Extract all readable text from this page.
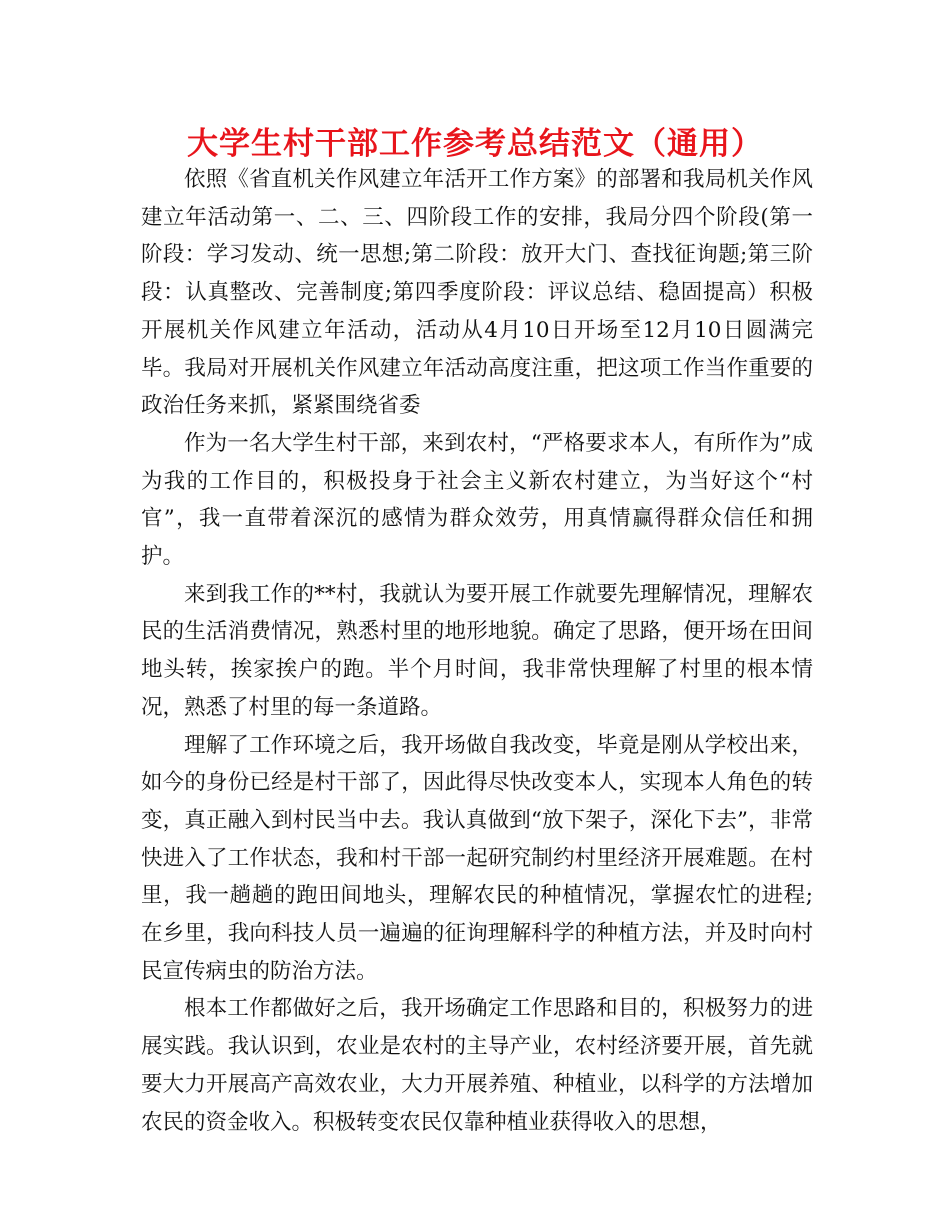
大学生村干部工作参考总结范文（通用）

依照《省直机关作风建立年活开工作方案》的部署和我局机关作风建立年活动第一、二、三、四阶段工作的安排，我局分四个阶段(第一阶段：学习发动、统一思想;第二阶段：放开大门、查找征询题;第三阶段：认真整改、完善制度;第四季度阶段：评议总结、稳固提高）积极开展机关作风建立年活动，活动从4月10日开场至12月10日圆满完毕。我局对开展机关作风建立年活动高度注重，把这项工作当作重要的政治任务来抓，紧紧围绕省委

作为一名大学生村干部，来到农村，“严格要求本人，有所作为”成为我的工作目的，积极投身于社会主义新农村建立，为当好这个“村官”，我一直带着深沉的感情为群众效劳，用真情赢得群众信任和拥护。

来到我工作的**村，我就认为要开展工作就要先理解情况，理解农民的生活消费情况，熟悉村里的地形地貌。确定了思路，便开场在田间地头转，挨家挨户的跑。半个月时间，我非常快理解了村里的根本情况，熟悉了村里的每一条道路。

理解了工作环境之后，我开场做自我改变，毕竟是刚从学校出来，如今的身份已经是村干部了，因此得尽快改变本人，实现本人角色的转变，真正融入到村民当中去。我认真做到“放下架子，深化下去”，非常快进入了工作状态，我和村干部一起研究制约村里经济开展难题。在村里，我一趟趟的跑田间地头，理解农民的种植情况，掌握农忙的进程;在乡里，我向科技人员一遍遍的征询理解科学的种植方法，并及时向村民宣传病虫的防治方法。

根本工作都做好之后，我开场确定工作思路和目的，积极努力的进展实践。我认识到，农业是农村的主导产业，农村经济要开展，首先就要大力开展高产高效农业，大力开展养殖、种植业，以科学的方法增加农民的资金收入。积极转变农民仅靠种植业获得收入的思想，
